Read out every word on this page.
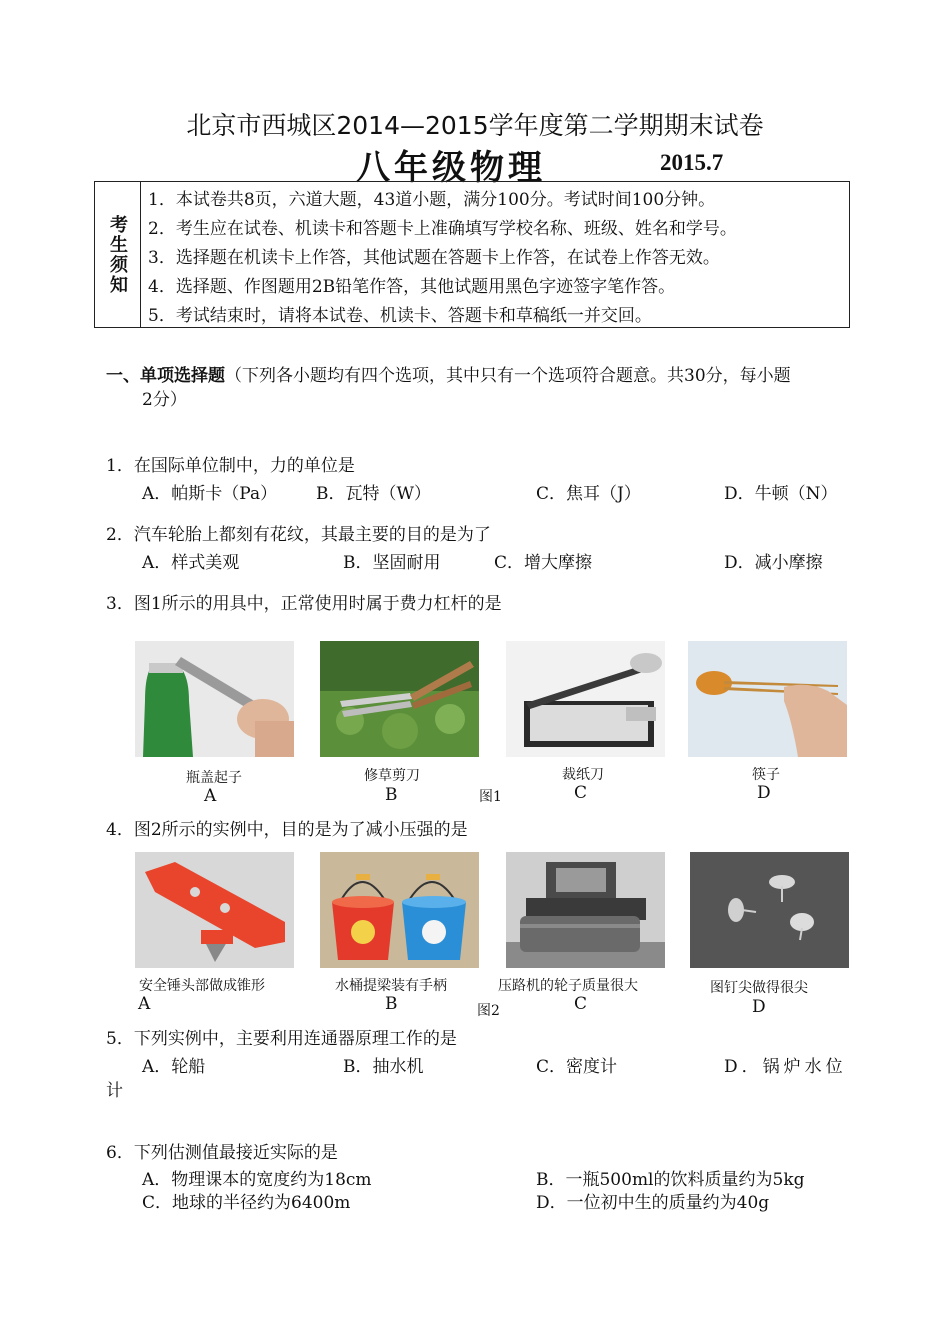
北京市西城区2014—2015学年度第二学期期末试卷
八年级物理	2015.7
考生须知
1．本试卷共8页，六道大题，43道小题，满分100分。考试时间100分钟。
2．考生应在试卷、机读卡和答题卡上准确填写学校名称、班级、姓名和学号。
3．选择题在机读卡上作答，其他试题在答题卡上作答，在试卷上作答无效。
4．选择题、作图题用2B铅笔作答，其他试题用黑色字迹签字笔作答。
5．考试结束时，请将本试卷、机读卡、答题卡和草稿纸一并交回。
一、单项选择题（下列各小题均有四个选项，其中只有一个选项符合题意。共30分，每小题
2分）
1．在国际单位制中，力的单位是
A．帕斯卡（Pa） B．瓦特（W）	C．焦耳（J）	D．牛顿（N）
2．汽车轮胎上都刻有花纹，其最主要的目的是为了
A．样式美观	B．坚固耐用	C．增大摩擦	D．减小摩擦
3．图1所示的用具中，正常使用时属于费力杠杆的是
瓶盖起子	修草剪刀	裁纸刀	筷子
A	B	图1	C	D
4．图2所示的实例中，目的是为了减小压强的是
安全锤头部做成锥形	水桶提梁装有手柄	压路机的轮子质量很大	图钉尖做得很尖
A	B	图2	C	D
5．下列实例中，主要利用连通器原理工作的是
A．轮船	B．抽水机	C．密度计	D．锅炉水位
计
6．下列估测值最接近实际的是
A．物理课本的宽度约为18cm	B．一瓶500ml的饮料质量约为5kg
C．地球的半径约为6400m	D．一位初中生的质量约为40g
